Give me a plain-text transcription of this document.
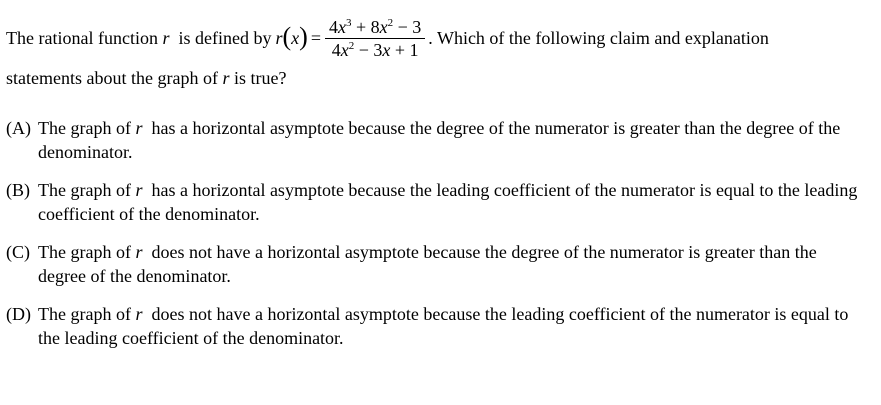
The rational function
r
is defined by r ( x ) = $\frac{4x^3 + 8x^2 - 3}{4x^2 - 3x + 1}$ . Which of the following claim and explanation
statements about the graph of r is true?
(A) The graph of r has a horizontal asymptote because the degree of the numerator is greater than the degree of the denominator.
(B) The graph of r has a horizontal asymptote because the leading coefficient of the numerator is equal to the leading coefficient of the denominator.
(C) The graph of r does not have a horizontal asymptote because the degree of the numerator is greater than the degree of the denominator.
(D) The graph of r does not have a horizontal asymptote because the leading coefficient of the numerator is equal to the leading coefficient of the denominator.
